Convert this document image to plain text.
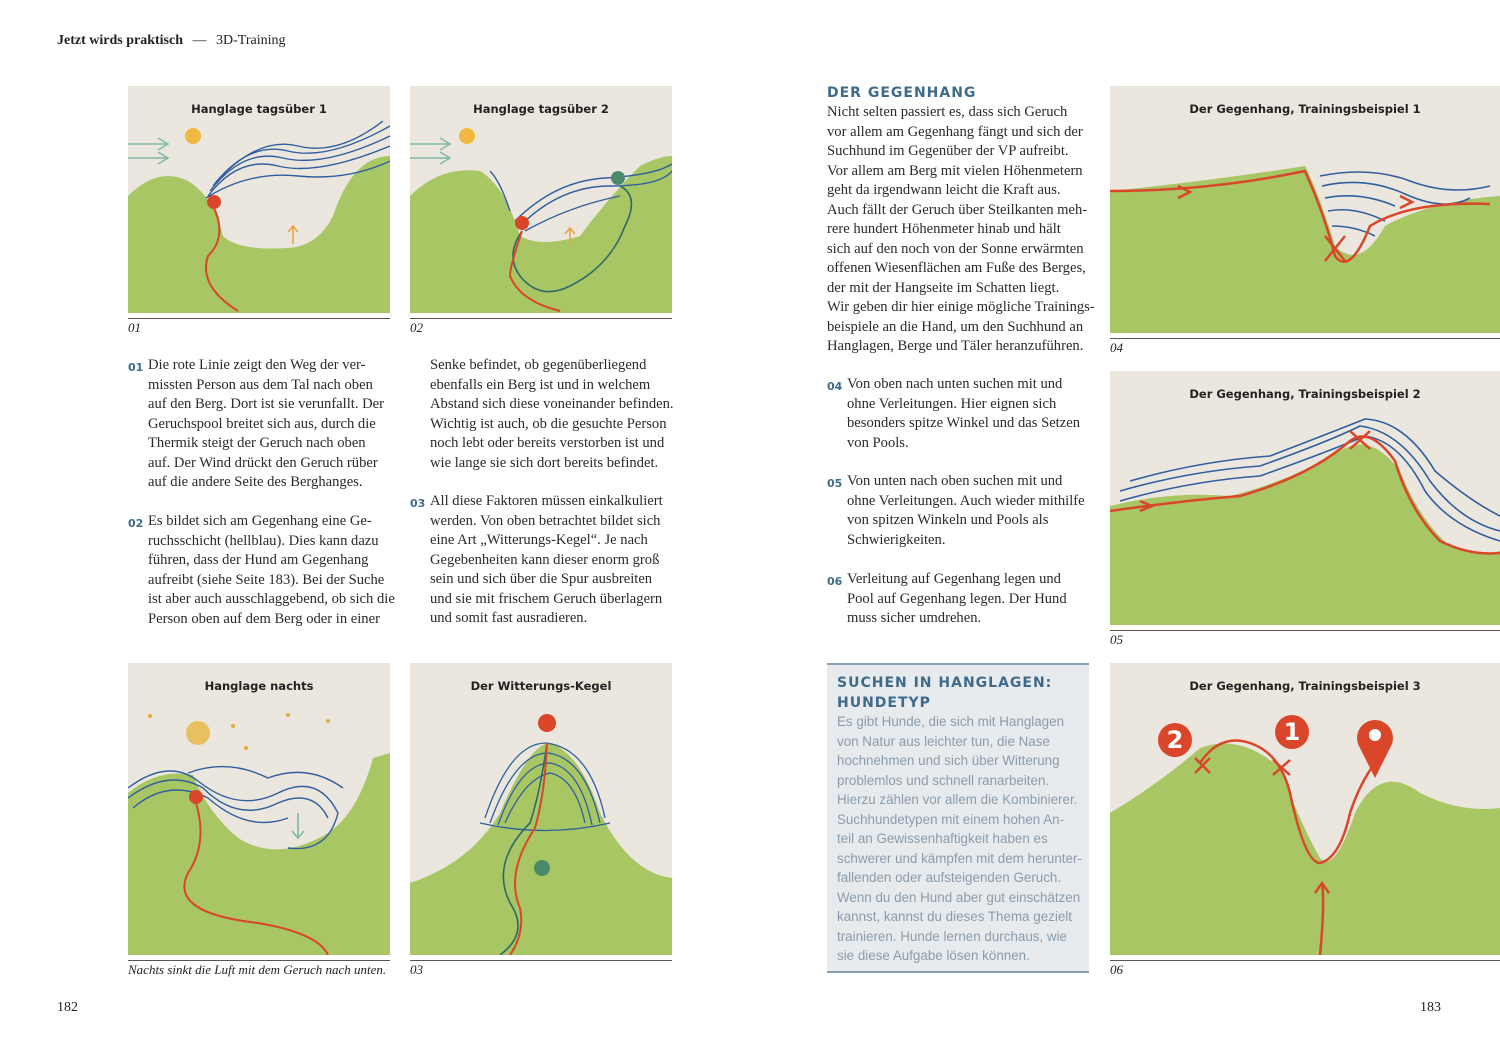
Jetzt wirds praktisch — 3D-Training
Hanglage tagsüber 1
01
Hanglage tagsüber 2
02
01 Die rote Linie zeigt den Weg der ver-
missten Person aus dem Tal nach oben
auf den Berg. Dort ist sie verunfallt. Der
Geruchspool breitet sich aus, durch die
Thermik steigt der Geruch nach oben
auf. Der Wind drückt den Geruch rüber
auf die andere Seite des Berghanges.
02 Es bildet sich am Gegenhang eine Ge-
ruchsschicht (hellblau). Dies kann dazu
führen, dass der Hund am Gegenhang
aufreibt (siehe Seite 183). Bei der Suche
ist aber auch ausschlaggebend, ob sich die
Person oben auf dem Berg oder in einer
Senke befindet, ob gegenüberliegend
ebenfalls ein Berg ist und in welchem
Abstand sich diese voneinander befinden.
Wichtig ist auch, ob die gesuchte Person
noch lebt oder bereits verstorben ist und
wie lange sie sich dort bereits befindet.
03 All diese Faktoren müssen einkalkuliert
werden. Von oben betrachtet bildet sich
eine Art „Witterungs-Kegel“. Je nach
Gegebenheiten kann dieser enorm groß
sein und sich über die Spur ausbreiten
und sie mit frischem Geruch überlagern
und somit fast ausradieren.
Hanglage nachts
Nachts sinkt die Luft mit dem Geruch nach unten.
Der Witterungs-Kegel
03
182
DER GEGENHANG
Nicht selten passiert es, dass sich Geruch
vor allem am Gegenhang fängt und sich der
Suchhund im Gegenüber der VP aufreibt.
Vor allem am Berg mit vielen Höhenmetern
geht da irgendwann leicht die Kraft aus.
Auch fällt der Geruch über Steilkanten meh-
rere hundert Höhenmeter hinab und hält
sich auf den noch von der Sonne erwärmten
offenen Wiesenflächen am Fuße des Berges,
der mit der Hangseite im Schatten liegt.
Wir geben dir hier einige mögliche Trainings-
beispiele an die Hand, um den Suchhund an
Hanglagen, Berge und Täler heranzuführen.
04 Von oben nach unten suchen mit und
ohne Verleitungen. Hier eignen sich
besonders spitze Winkel und das Setzen
von Pools.
05 Von unten nach oben suchen mit und
ohne Verleitungen. Auch wieder mithilfe
von spitzen Winkeln und Pools als
Schwierigkeiten.
06 Verleitung auf Gegenhang legen und
Pool auf Gegenhang legen. Der Hund
muss sicher umdrehen.
SUCHEN IN HANGLAGEN:
HUNDETYP
Es gibt Hunde, die sich mit Hanglagen
von Natur aus leichter tun, die Nase
hochnehmen und sich über Witterung
problemlos und schnell ranarbeiten.
Hierzu zählen vor allem die Kombinierer.
Suchhundetypen mit einem hohen An-
teil an Gewissenhaftigkeit haben es
schwerer und kämpfen mit dem herunter-
fallenden oder aufsteigenden Geruch.
Wenn du den Hund aber gut einschätzen
kannst, kannst du dieses Thema gezielt
trainieren. Hunde lernen durchaus, wie
sie diese Aufgabe lösen können.
Der Gegenhang, Trainingsbeispiel 1
04
Der Gegenhang, Trainingsbeispiel 2
05
Der Gegenhang, Trainingsbeispiel 3
2	1
06
183
